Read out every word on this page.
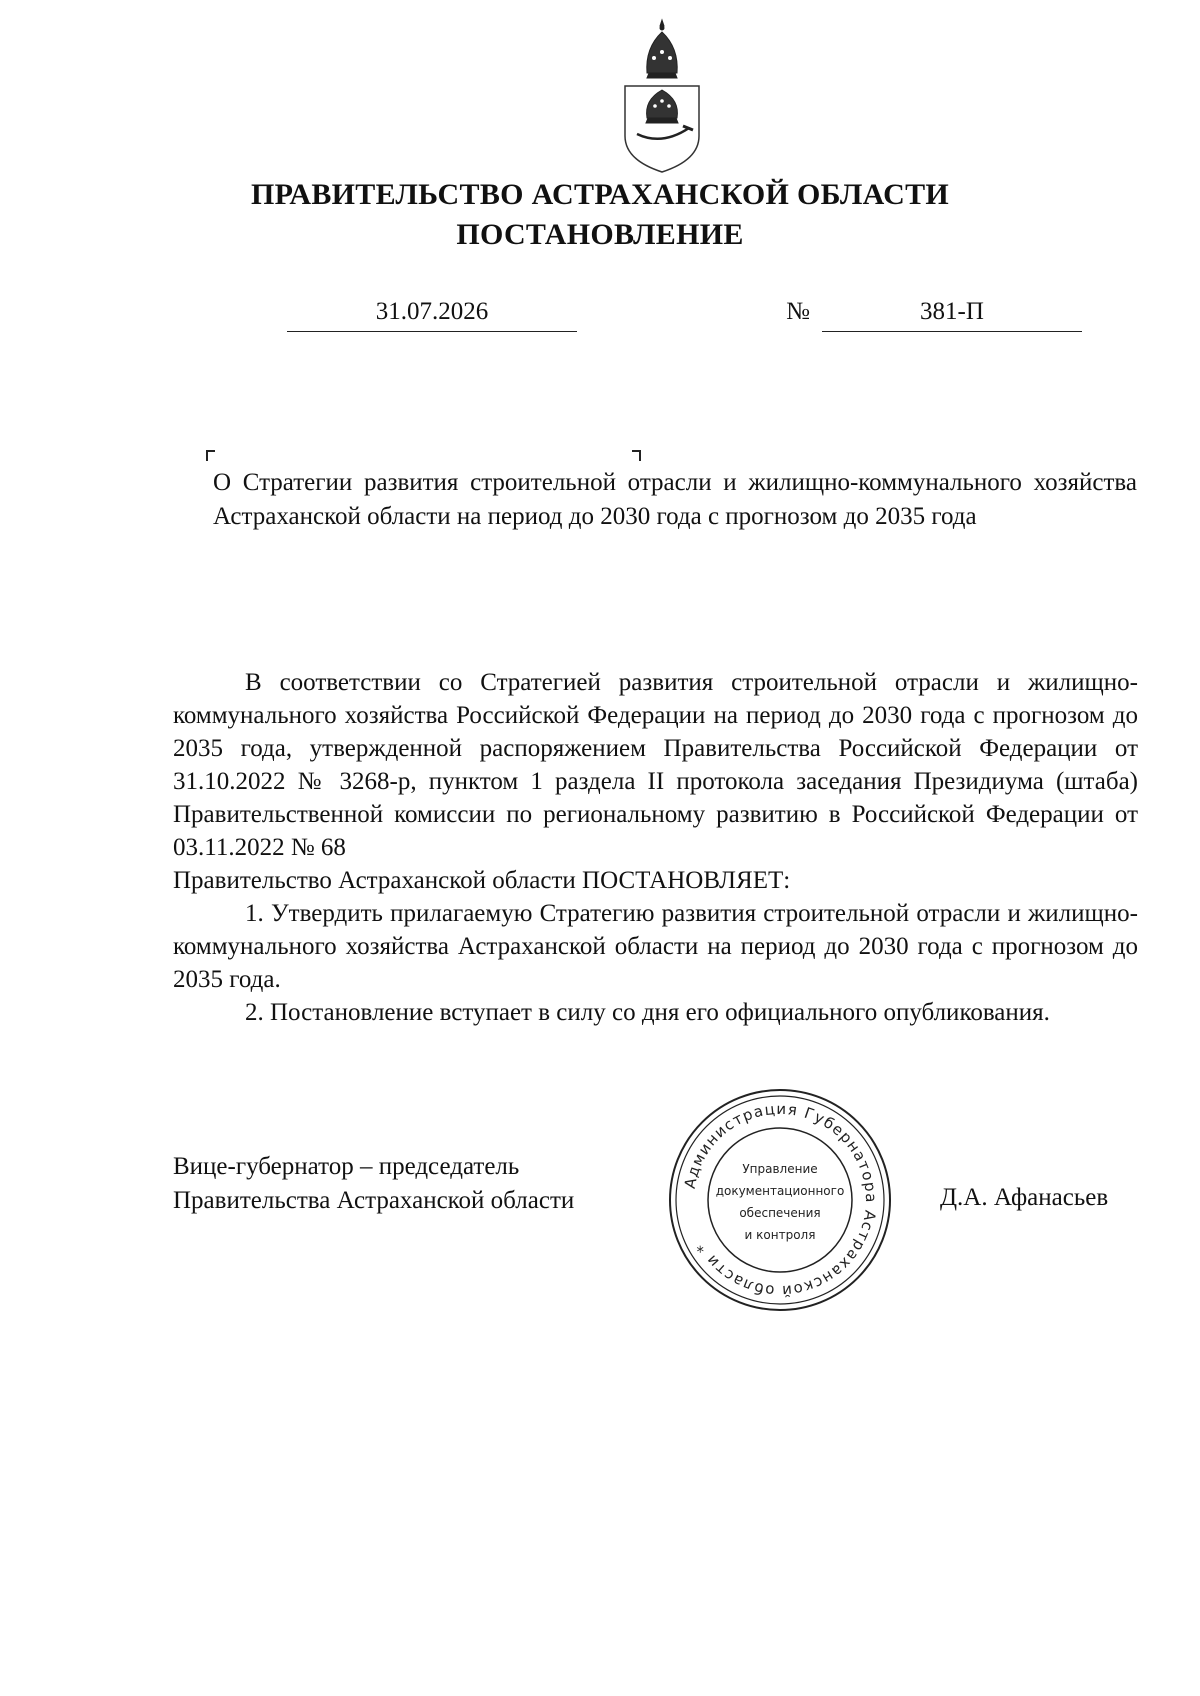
ПРАВИТЕЛЬСТВО АСТРАХАНСКОЙ ОБЛАСТИ
ПОСТАНОВЛЕНИЕ
31.07.2026	№	381-П
О Стратегии развития строительной отрасли и жилищно-коммунального хозяйства Астраханской области на период до 2030 года с прогнозом до 2035 года

В соответствии со Стратегией развития строительной отрасли и жилищно-коммунального хозяйства Российской Федерации на период до 2030 года с прогнозом до 2035 года, утвержденной распоряжением Правительства Российской Федерации от 31.10.2022 № 3268-р, пунктом 1 раздела II протокола заседания Президиума (штаба) Правительственной комиссии по региональному развитию в Российской Федерации от 03.11.2022 № 68

Правительство Астраханской области ПОСТАНОВЛЯЕТ:

1. Утвердить прилагаемую Стратегию развития строительной отрасли и жилищно-коммунального хозяйства Астраханской области на период до 2030 года с прогнозом до 2035 года.

2. Постановление вступает в силу со дня его официального опубликования.

Вице-губернатор – председатель
Правительства Астраханской области
Администрация Губернатора Астраханской области *
Управление
документационного
обеспечения
и контроля
Д.А. Афанасьев
